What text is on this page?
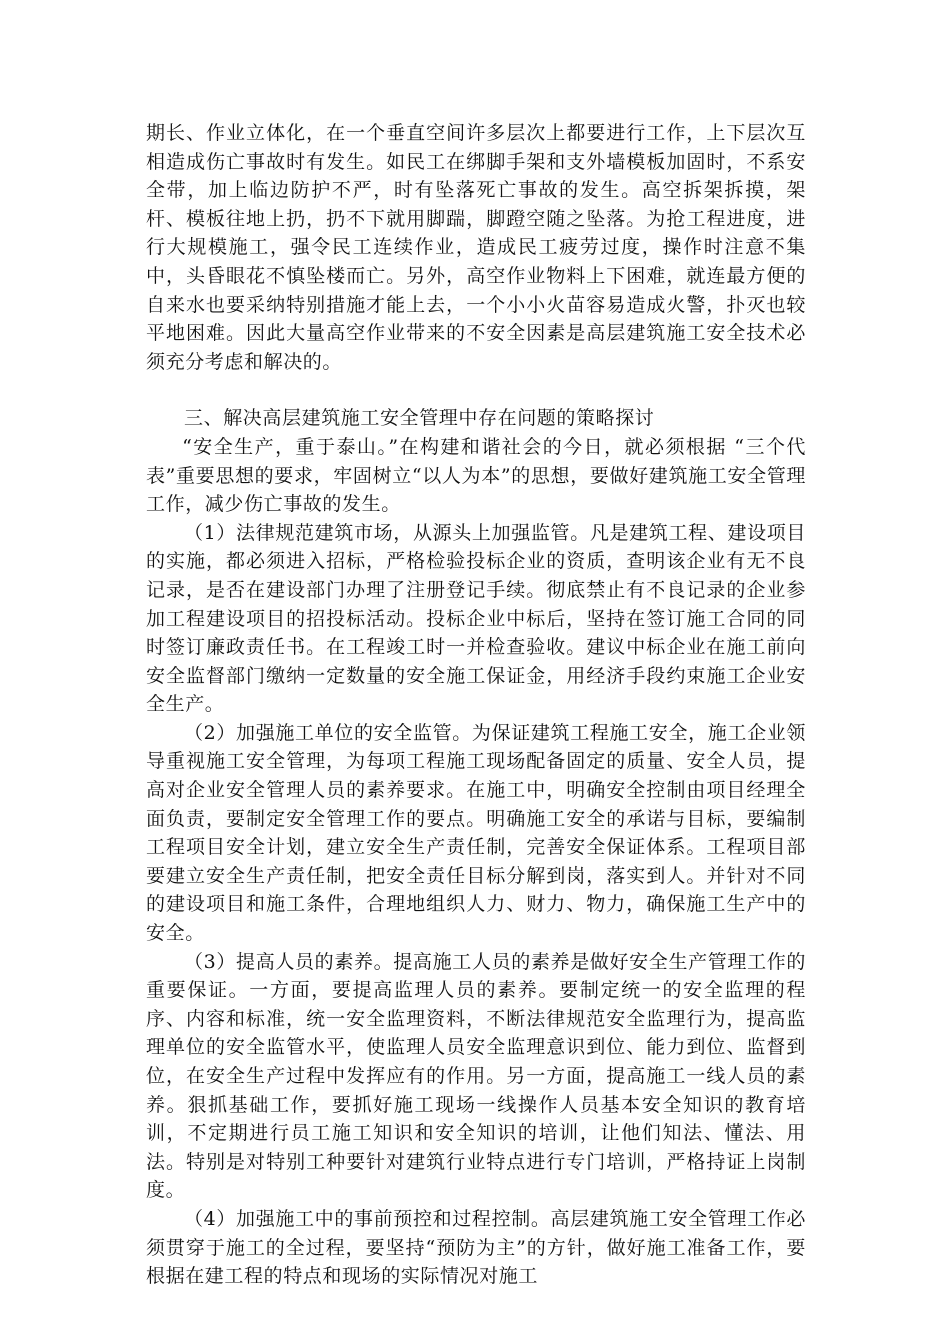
期长、作业立体化，在一个垂直空间许多层次上都要进行工作，上下层次互相造成伤亡事故时有发生。如民工在绑脚手架和支外墙模板加固时，不系安全带，加上临边防护不严，时有坠落死亡事故的发生。高空拆架拆摸，架杆、模板往地上扔，扔不下就用脚踹，脚蹬空随之坠落。为抢工程进度，进行大规模施工，强令民工连续作业，造成民工疲劳过度，操作时注意不集中，头昏眼花不慎坠楼而亡。另外，高空作业物料上下困难，就连最方便的自来水也要采纳特别措施才能上去，一个小小火苗容易造成火警，扑灭也较平地困难。因此大量高空作业带来的不安全因素是高层建筑施工安全技术必须充分考虑和解决的。

三、解决高层建筑施工安全管理中存在问题的策略探讨

“安全生产，重于泰山。”在构建和谐社会的今日，就必须根据 “三个代表”重要思想的要求，牢固树立“以人为本”的思想，要做好建筑施工安全管理工作，减少伤亡事故的发生。

（1）法律规范建筑市场，从源头上加强监管。凡是建筑工程、建设项目的实施，都必须进入招标，严格检验投标企业的资质，查明该企业有无不良记录，是否在建设部门办理了注册登记手续。彻底禁止有不良记录的企业参加工程建设项目的招投标活动。投标企业中标后，坚持在签订施工合同的同时签订廉政责任书。在工程竣工时一并检查验收。建议中标企业在施工前向安全监督部门缴纳一定数量的安全施工保证金，用经济手段约束施工企业安全生产。

（2）加强施工单位的安全监管。为保证建筑工程施工安全，施工企业领导重视施工安全管理，为每项工程施工现场配备固定的质量、安全人员，提高对企业安全管理人员的素养要求。在施工中，明确安全控制由项目经理全面负责，要制定安全管理工作的要点。明确施工安全的承诺与目标，要编制工程项目安全计划，建立安全生产责任制，完善安全保证体系。工程项目部要建立安全生产责任制，把安全责任目标分解到岗，落实到人。并针对不同的建设项目和施工条件，合理地组织人力、财力、物力，确保施工生产中的安全。

（3）提高人员的素养。提高施工人员的素养是做好安全生产管理工作的重要保证。一方面，要提高监理人员的素养。要制定统一的安全监理的程序、内容和标准，统一安全监理资料，不断法律规范安全监理行为，提高监理单位的安全监管水平，使监理人员安全监理意识到位、能力到位、监督到位，在安全生产过程中发挥应有的作用。另一方面，提高施工一线人员的素养。狠抓基础工作，要抓好施工现场一线操作人员基本安全知识的教育培训，不定期进行员工施工知识和安全知识的培训，让他们知法、懂法、用法。特别是对特别工种要针对建筑行业特点进行专门培训，严格持证上岗制度。

（4）加强施工中的事前预控和过程控制。高层建筑施工安全管理工作必须贯穿于施工的全过程，要坚持“预防为主”的方针，做好施工准备工作，要根据在建工程的特点和现场的实际情况对施工
